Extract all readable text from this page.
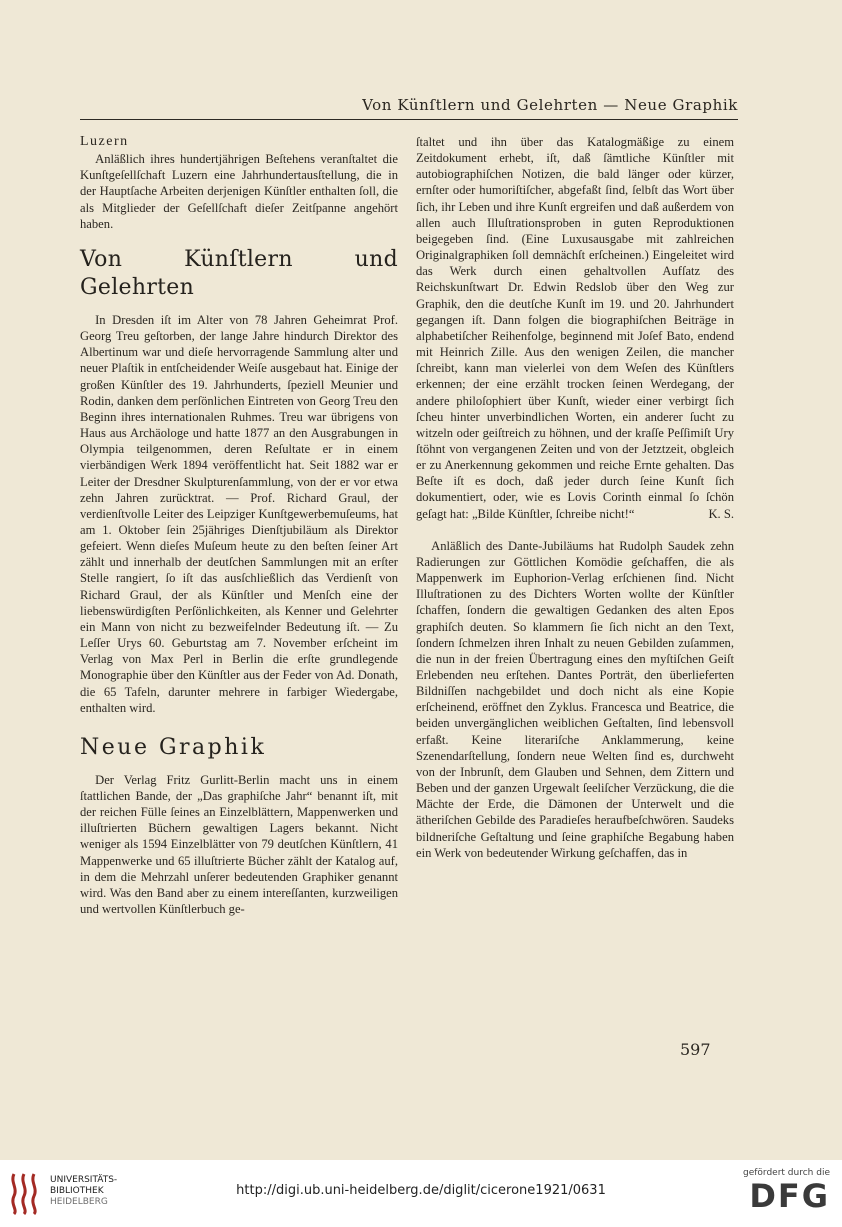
Von Künſtlern und Gelehrten — Neue Graphik
Luzern

Anläßlich ihres hundertjährigen Beſtehens veranſtaltet die Kunſtgeſellſchaft Luzern eine Jahrhundertausſtellung, die in der Hauptſache Arbeiten derjenigen Künſtler enthalten ſoll, die als Mitglieder der Geſellſchaft dieſer Zeitſpanne angehört haben.

Von Künſtlern und Gelehrten

In Dresden iſt im Alter von 78 Jahren Geheimrat Prof. Georg Treu geſtorben, der lange Jahre hindurch Direktor des Albertinum war und dieſe hervorragende Sammlung alter und neuer Plaſtik in entſcheidender Weiſe ausgebaut hat. Einige der großen Künſtler des 19. Jahrhunderts, ſpeziell Meunier und Rodin, danken dem perſönlichen Eintreten von Georg Treu den Beginn ihres internationalen Ruhmes. Treu war übrigens von Haus aus Archäologe und hatte 1877 an den Ausgrabungen in Olympia teilgenommen, deren Reſultate er in einem vierbändigen Werk 1894 veröffentlicht hat. Seit 1882 war er Leiter der Dresdner Skulpturenſammlung, von der er vor etwa zehn Jahren zurücktrat. — Prof. Richard Graul, der verdienſtvolle Leiter des Leipziger Kunſtgewerbemuſeums, hat am 1. Oktober ſein 25jähriges Dienſtjubiläum als Direktor gefeiert. Wenn dieſes Muſeum heute zu den beſten ſeiner Art zählt und innerhalb der deutſchen Sammlungen mit an erſter Stelle rangiert, ſo iſt das ausſchließlich das Verdienſt von Richard Graul, der als Künſtler und Menſch eine der liebenswürdigſten Perſönlichkeiten, als Kenner und Gelehrter ein Mann von nicht zu bezweifelnder Bedeutung iſt. — Zu Leſſer Urys 60. Geburtstag am 7. November erſcheint im Verlag von Max Perl in Berlin die erſte grundlegende Monographie über den Künſtler aus der Feder von Ad. Donath, die 65 Tafeln, darunter mehrere in farbiger Wiedergabe, enthalten wird.

Neue Graphik

Der Verlag Fritz Gurlitt-Berlin macht uns in einem ſtattlichen Bande, der „Das graphiſche Jahr“ benannt iſt, mit der reichen Fülle ſeines an Einzelblättern, Mappenwerken und illuſtrierten Büchern gewaltigen Lagers bekannt. Nicht weniger als 1594 Einzelblätter von 79 deutſchen Künſtlern, 41 Mappenwerke und 65 illuſtrierte Bücher zählt der Katalog auf, in dem die Mehrzahl unſerer bedeutenden Graphiker genannt wird. Was den Band aber zu einem intereſſanten, kurzweiligen und wertvollen Künſtlerbuch ge-

ſtaltet und ihn über das Katalogmäßige zu einem Zeitdokument erhebt, iſt, daß ſämtliche Künſtler mit autobiographiſchen Notizen, die bald länger oder kürzer, ernſter oder humoriſtiſcher, abgefaßt ſind, ſelbſt das Wort über ſich, ihr Leben und ihre Kunſt ergreifen und daß außerdem von allen auch Illuſtrationsproben in guten Reproduktionen beigegeben ſind. (Eine Luxusausgabe mit zahlreichen Originalgraphiken ſoll demnächſt erſcheinen.) Eingeleitet wird das Werk durch einen gehaltvollen Aufſatz des Reichskunſtwart Dr. Edwin Redslob über den Weg zur Graphik, den die deutſche Kunſt im 19. und 20. Jahrhundert gegangen iſt. Dann folgen die biographiſchen Beiträge in alphabetiſcher Reihenfolge, beginnend mit Joſef Bato, endend mit Heinrich Zille. Aus den wenigen Zeilen, die mancher ſchreibt, kann man vielerlei von dem Weſen des Künſtlers erkennen; der eine erzählt trocken ſeinen Werdegang, der andere philoſophiert über Kunſt, wieder einer verbirgt ſich ſcheu hinter unverbindlichen Worten, ein anderer ſucht zu witzeln oder geiſtreich zu höhnen, und der kraſſe Peſſimiſt Ury ſtöhnt von vergangenen Zeiten und von der Jetztzeit, obgleich er zu Anerkennung gekommen und reiche Ernte gehalten. Das Beſte iſt es doch, daß jeder durch ſeine Kunſt ſich dokumentiert, oder, wie es Lovis Corinth einmal ſo ſchön geſagt hat: „Bilde Künſtler, ſchreibe nicht!“	K. S.

Anläßlich des Dante-Jubiläums hat Rudolph Saudek zehn Radierungen zur Göttlichen Komödie geſchaffen, die als Mappenwerk im Euphorion-Verlag erſchienen ſind. Nicht Illuſtrationen zu des Dichters Worten wollte der Künſtler ſchaffen, ſondern die gewaltigen Gedanken des alten Epos graphiſch deuten. So klammern ſie ſich nicht an den Text, ſondern ſchmelzen ihren Inhalt zu neuen Gebilden zuſammen, die nun in der freien Übertragung eines den myſtiſchen Geiſt Erlebenden neu erſtehen. Dantes Porträt, den überlieferten Bildniſſen nachgebildet und doch nicht als eine Kopie erſcheinend, eröffnet den Zyklus. Francesca und Beatrice, die beiden unvergänglichen weiblichen Geſtalten, ſind lebensvoll erfaßt. Keine literariſche Anklammerung, keine Szenendarſtellung, ſondern neue Welten ſind es, durchweht von der Inbrunſt, dem Glauben und Sehnen, dem Zittern und Beben und der ganzen Urgewalt ſeeliſcher Verzückung, die die Mächte der Erde, die Dämonen der Unterwelt und die ätheriſchen Gebilde des Paradieſes heraufbeſchwören. Saudeks bildneriſche Geſtaltung und ſeine graphiſche Begabung haben ein Werk von bedeutender Wirkung geſchaffen, das in

597
UNIVERSITÄTS-
BIBLIOTHEK
HEIDELBERG
http://digi.ub.uni-heidelberg.de/diglit/cicerone1921/0631
gefördert durch die
DFG
